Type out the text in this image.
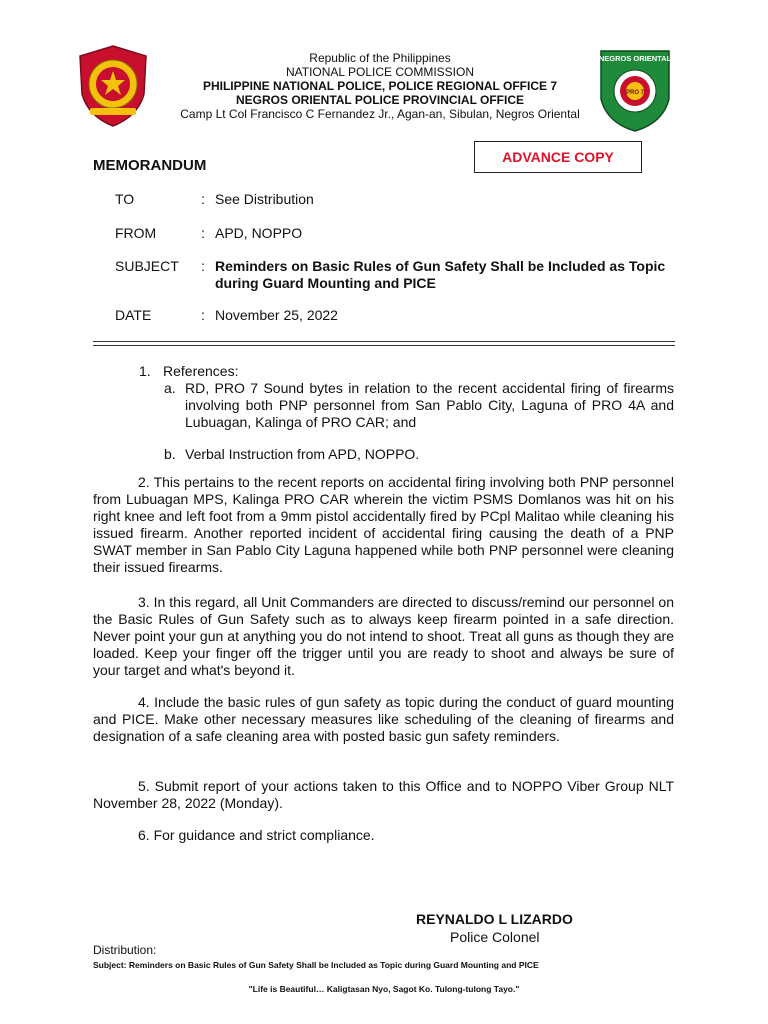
NEGROS ORIENTAL
PRO 7
Republic of the Philippines
NATIONAL POLICE COMMISSION
PHILIPPINE NATIONAL POLICE, POLICE REGIONAL OFFICE 7
NEGROS ORIENTAL POLICE PROVINCIAL OFFICE
Camp Lt Col Francisco C Fernandez Jr., Agan-an, Sibulan, Negros Oriental
MEMORANDUM	ADVANCE COPY
TO	: See Distribution
FROM	: APD, NOPPO
SUBJECT	: Reminders on Basic Rules of Gun Safety Shall be Included as Topic during Guard Mounting and PICE
DATE	: November 25, 2022
1. References:
a. RD, PRO 7 Sound bytes in relation to the recent accidental firing of firearms involving both PNP personnel from San Pablo City, Laguna of PRO 4A and Lubuagan, Kalinga of PRO CAR; and
b. Verbal Instruction from APD, NOPPO.

2. This pertains to the recent reports on accidental firing involving both PNP personnel from Lubuagan MPS, Kalinga PRO CAR wherein the victim PSMS Domlanos was hit on his right knee and left foot from a 9mm pistol accidentally fired by PCpl Malitao while cleaning his issued firearm. Another reported incident of accidental firing causing the death of a PNP SWAT member in San Pablo City Laguna happened while both PNP personnel were cleaning their issued firearms.

3. In this regard, all Unit Commanders are directed to discuss/remind our personnel on the Basic Rules of Gun Safety such as to always keep firearm pointed in a safe direction. Never point your gun at anything you do not intend to shoot. Treat all guns as though they are loaded. Keep your finger off the trigger until you are ready to shoot and always be sure of your target and what's beyond it.

4. Include the basic rules of gun safety as topic during the conduct of guard mounting and PICE. Make other necessary measures like scheduling of the cleaning of firearms and designation of a safe cleaning area with posted basic gun safety reminders.

5. Submit report of your actions taken to this Office and to NOPPO Viber Group NLT November 28, 2022 (Monday).

6. For guidance and strict compliance.

REYNALDO L LIZARDO
Police Colonel
Distribution:
Subject: Reminders on Basic Rules of Gun Safety Shall be Included as Topic during Guard Mounting and PICE
"Life is Beautiful… Kaligtasan Nyo, Sagot Ko. Tulong-tulong Tayo."
